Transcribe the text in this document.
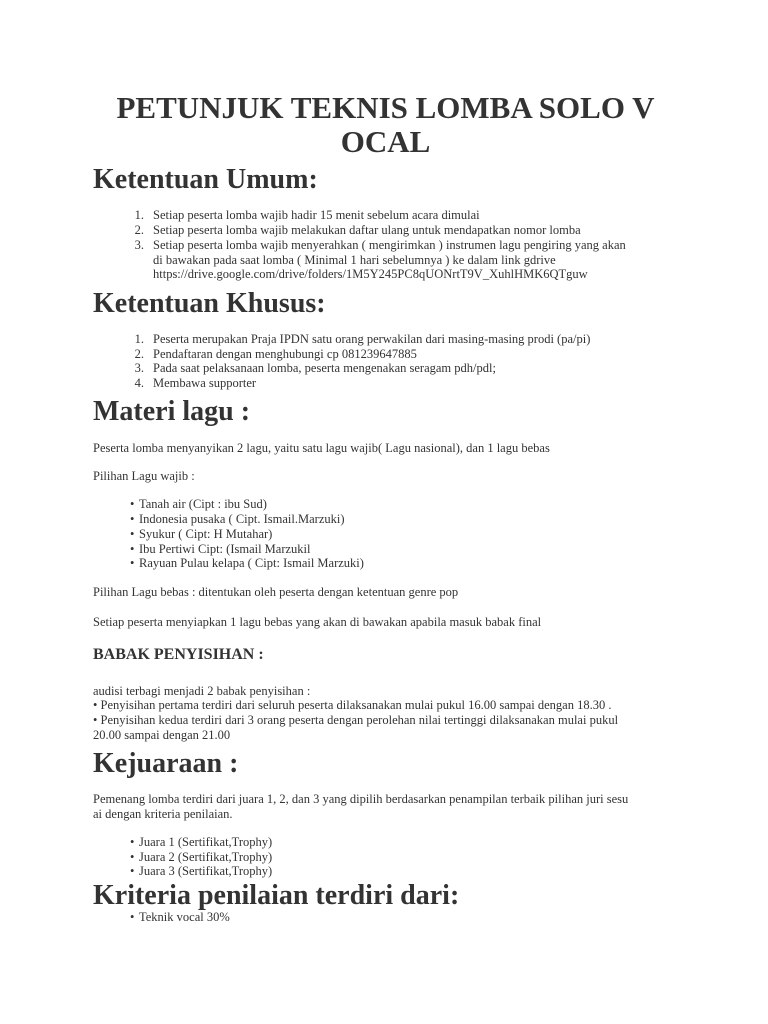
PETUNJUK TEKNIS LOMBA SOLO V
OCAL
Ketentuan Umum:
1. Setiap peserta lomba wajib hadir 15 menit sebelum acara dimulai
2. Setiap peserta lomba wajib melakukan daftar ulang untuk mendapatkan nomor lomba
3. Setiap peserta lomba wajib menyerahkan ( mengirimkan ) instrumen lagu pengiring yang akan
di bawakan pada saat lomba ( Minimal 1 hari sebelumnya ) ke dalam link gdrive
https://drive.google.com/drive/folders/1M5Y245PC8qUONrtT9V_XuhlHMK6QTguw
Ketentuan Khusus:
1. Peserta merupakan Praja IPDN satu orang perwakilan dari masing-masing prodi (pa/pi)
2. Pendaftaran dengan menghubungi cp 081239647885
3. Pada saat pelaksanaan lomba, peserta mengenakan seragam pdh/pdl;
4. Membawa supporter
Materi lagu :

Peserta lomba menyanyikan 2 lagu, yaitu satu lagu wajib( Lagu nasional), dan 1 lagu bebas

Pilihan Lagu wajib :

• Tanah air (Cipt : ibu Sud)
• Indonesia pusaka ( Cipt. Ismail.Marzuki)
• Syukur ( Cipt: H Mutahar)
• Ibu Pertiwi Cipt: (Ismail Marzukil
• Rayuan Pulau kelapa ( Cipt: Ismail Marzuki)

Pilihan Lagu bebas : ditentukan oleh peserta dengan ketentuan genre pop

Setiap peserta menyiapkan 1 lagu bebas yang akan di bawakan apabila masuk babak final

BABAK PENYISIHAN :

audisi terbagi menjadi 2 babak penyisihan :

• Penyisihan pertama terdiri dari seluruh peserta dilaksanakan mulai pukul 16.00 sampai dengan 18.30 .

• Penyisihan kedua terdiri dari 3 orang peserta dengan perolehan nilai tertinggi dilaksanakan mulai pukul

20.00 sampai dengan 21.00

Kejuaraan :

Pemenang lomba terdiri dari juara 1, 2, dan 3 yang dipilih berdasarkan penampilan terbaik pilihan juri sesu

ai dengan kriteria penilaian.

• Juara 1 (Sertifikat,Trophy)
• Juara 2 (Sertifikat,Trophy)
• Juara 3 (Sertifikat,Trophy)
Kriteria penilaian terdiri dari:
• Teknik vocal 30%
